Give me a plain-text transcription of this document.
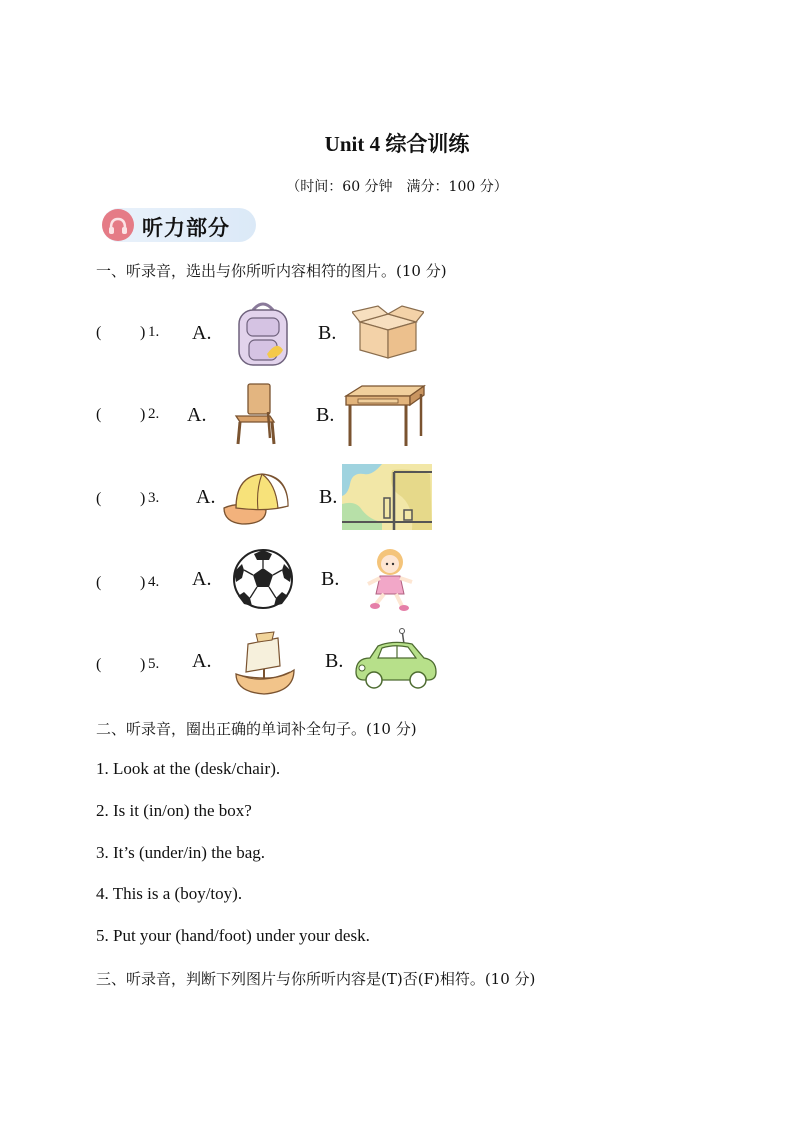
Unit 4 综合训练
（时间：60 分钟　满分：100 分）
听力部分
一、听录音，选出与你所听内容相符的图片。(10 分)
( ) 1. A.	B.
( ) 2. A.	B.
( ) 3. A.	B.
( ) 4. A.	B.
( ) 5. A.	B.
二、听录音，圈出正确的单词补全句子。(10 分)
1. Look at the (desk/chair).
2. Is it (in/on) the box?
3. It’s (under/in) the bag.
4. This is a (boy/toy).
5. Put your (hand/foot) under your desk.
三、听录音，判断下列图片与你所听内容是(T)否(F)相符。(10 分)
